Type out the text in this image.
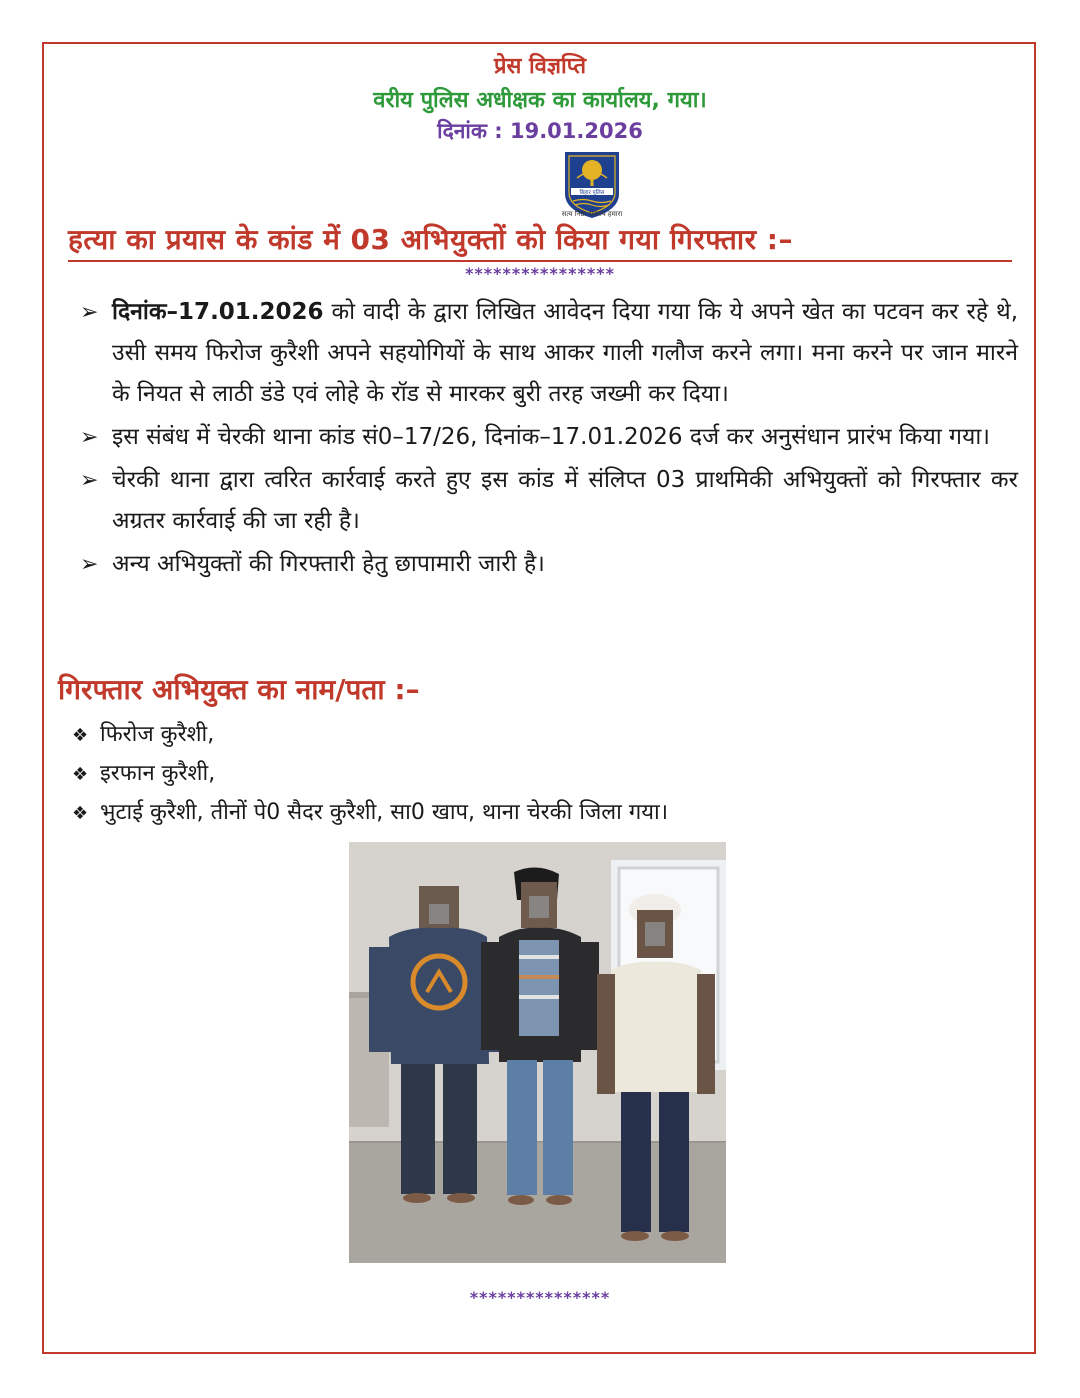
प्रेस विज्ञप्ति
वरीय पुलिस अधीक्षक का कार्यालय, गया।
दिनांक : 19.01.2026
बिहार पुलिस
सत्य निष्ठा संकल्प हमारा
हत्या का प्रयास के कांड में 03 अभियुक्तों को किया गया गिरफ्तार :–
****************
➢ दिनांक–17.01.2026 को वादी के द्वारा लिखित आवेदन दिया गया कि ये अपने खेत का पटवन कर रहे थे, उसी समय फिरोज कुरैशी अपने सहयोगियों के साथ आकर गाली गलौज करने लगा। मना करने पर जान मारने के नियत से लाठी डंडे एवं लोहे के रॉड से मारकर बुरी तरह जख्मी कर दिया।
➢ इस संबंध में चेरकी थाना कांड सं0–17/26, दिनांक–17.01.2026 दर्ज कर अनुसंधान प्रारंभ किया गया।
➢ चेरकी थाना द्वारा त्वरित कार्रवाई करते हुए इस कांड में संलिप्त 03 प्राथमिकी अभियुक्तों को गिरफ्तार कर अग्रतर कार्रवाई की जा रही है।
➢ अन्य अभियुक्तों की गिरफ्तारी हेतु छापामारी जारी है।
गिरफ्तार अभियुक्त का नाम/पता :–
❖ फिरोज कुरैशी,
❖ इरफान कुरैशी,
❖ भुटाई कुरैशी, तीनों पे0 सैदर कुरैशी, सा0 खाप, थाना चेरकी जिला गया।
***************
